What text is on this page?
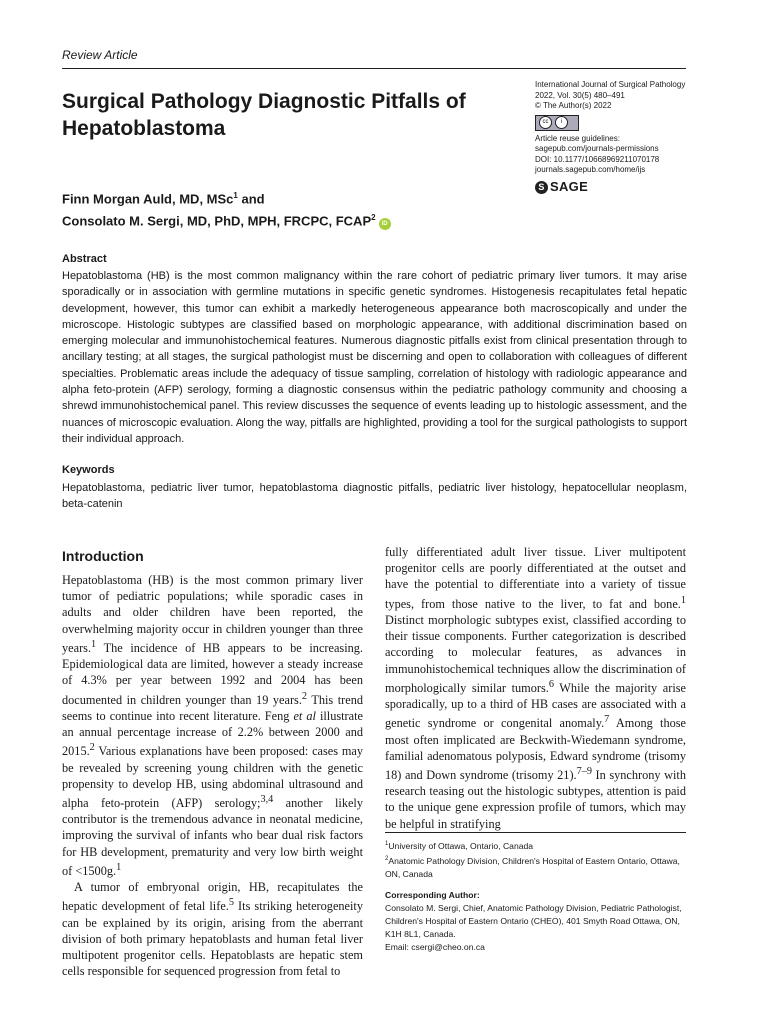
Review Article
Surgical Pathology Diagnostic Pitfalls of Hepatoblastoma
International Journal of Surgical Pathology
2022, Vol. 30(5) 480–491
© The Author(s) 2022
cc	i
Article reuse guidelines:
sagepub.com/journals-permissions
DOI: 10.1177/10668969211070178
journals.sagepub.com/home/ijs
S SAGE
Finn Morgan Auld, MD, MSc$^1$ and
Consolato M. Sergi, MD, PhD, MPH, FRCPC, FCAP$^2$iD
Abstract
Hepatoblastoma (HB) is the most common malignancy within the rare cohort of pediatric primary liver tumors. It may arise sporadically or in association with germline mutations in specific genetic syndromes. Histogenesis recapitulates fetal hepatic development, however, this tumor can exhibit a markedly heterogeneous appearance both macroscopically and under the microscope. Histologic subtypes are classified based on morphologic appearance, with additional discrimination based on emerging molecular and immunohistochemical features. Numerous diagnostic pitfalls exist from clinical presentation through to ancillary testing; at all stages, the surgical pathologist must be discerning and open to collaboration with colleagues of different specialties. Problematic areas include the adequacy of tissue sampling, correlation of histology with radiologic appearance and alpha feto-protein (AFP) serology, forming a diagnostic consensus within the pediatric pathology community and choosing a shrewd immunohistochemical panel. This review discusses the sequence of events leading up to histologic assessment, and the nuances of microscopic evaluation. Along the way, pitfalls are highlighted, providing a tool for the surgical pathologists to support their individual approach.
Keywords
Hepatoblastoma, pediatric liver tumor, hepatoblastoma diagnostic pitfalls, pediatric liver histology, hepatocellular neoplasm, beta-catenin
Introduction

Hepatoblastoma (HB) is the most common primary liver tumor of pediatric populations; while sporadic cases in adults and older children have been reported, the overwhelming majority occur in children younger than three years.$^1$ The incidence of HB appears to be increasing. Epidemiological data are limited, however a steady increase of 4.3% per year between 1992 and 2004 has been documented in children younger than 19 years.$^2$ This trend seems to continue into recent literature. Feng et al illustrate an annual percentage increase of 2.2% between 2000 and 2015.$^2$ Various explanations have been proposed: cases may be revealed by screening young children with the genetic propensity to develop HB, using abdominal ultrasound and alpha feto-protein (AFP) serology;$^{3,4}$ another likely contributor is the tremendous advance in neonatal medicine, improving the survival of infants who bear dual risk factors for HB development, prematurity and very low birth weight of <1500g.$^1$

A tumor of embryonal origin, HB, recapitulates the hepatic development of fetal life.$^5$ Its striking heterogeneity can be explained by its origin, arising from the aberrant division of both primary hepatoblasts and human fetal liver multipotent progenitor cells. Hepatoblasts are hepatic stem cells responsible for sequenced progression from fetal to

fully differentiated adult liver tissue. Liver multipotent progenitor cells are poorly differentiated at the outset and have the potential to differentiate into a variety of tissue types, from those native to the liver, to fat and bone.$^1$ Distinct morphologic subtypes exist, classified according to their tissue components. Further categorization is described according to molecular features, as advances in immunohistochemical techniques allow the discrimination of morphologically similar tumors.$^6$ While the majority arise sporadically, up to a third of HB cases are associated with a genetic syndrome or congenital anomaly.$^7$ Among those most often implicated are Beckwith-Wiedemann syndrome, familial adenomatous polyposis, Edward syndrome (trisomy 18) and Down syndrome (trisomy 21).$^{7-9}$ In synchrony with research teasing out the histologic subtypes, attention is paid to the unique gene expression profile of tumors, which may be helpful in stratifying

$^1$University of Ottawa, Ontario, Canada

$^2$Anatomic Pathology Division, Children's Hospital of Eastern Ontario, Ottawa, ON, Canada

Corresponding Author:

Consolato M. Sergi, Chief, Anatomic Pathology Division, Pediatric Pathologist, Children's Hospital of Eastern Ontario (CHEO), 401 Smyth Road Ottawa, ON, K1H 8L1, Canada.

Email: csergi@cheo.on.ca
